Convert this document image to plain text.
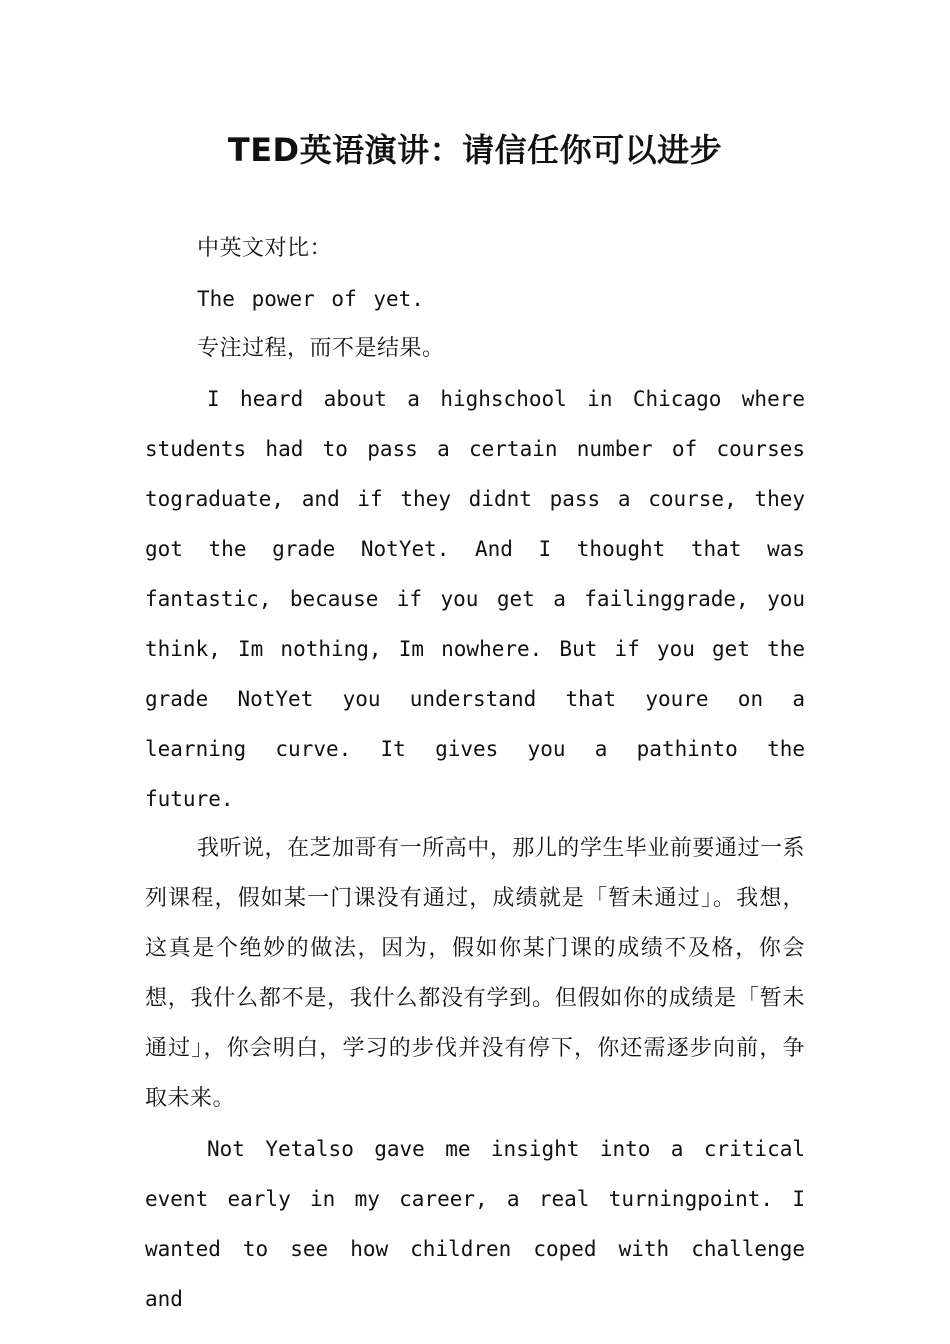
TED英语演讲：请信任你可以进步

中英文对比：

The power of yet.

专注过程，而不是结果。

I heard about a highschool in Chicago where students had to pass a certain number of courses tograduate, and if they didnt pass a course, they got the grade NotYet. And I thought that was fantastic, because if you get a failinggrade, you think, Im nothing, Im nowhere. But if you get the grade NotYet you understand that youre on a learning curve. It gives you a pathinto the future.

我听说，在芝加哥有一所高中，那儿的学生毕业前要通过一系列课程，假如某一门课没有通过，成绩就是「暂未通过」。我想，这真是个绝妙的做法，因为，假如你某门课的成绩不及格，你会想，我什么都不是，我什么都没有学到。但假如你的成绩是「暂未通过」，你会明白，学习的步伐并没有停下，你还需逐步向前，争取未来。

Not Yetalso gave me insight into a critical event early in my career, a real turningpoint. I wanted to see how children coped with challenge and
